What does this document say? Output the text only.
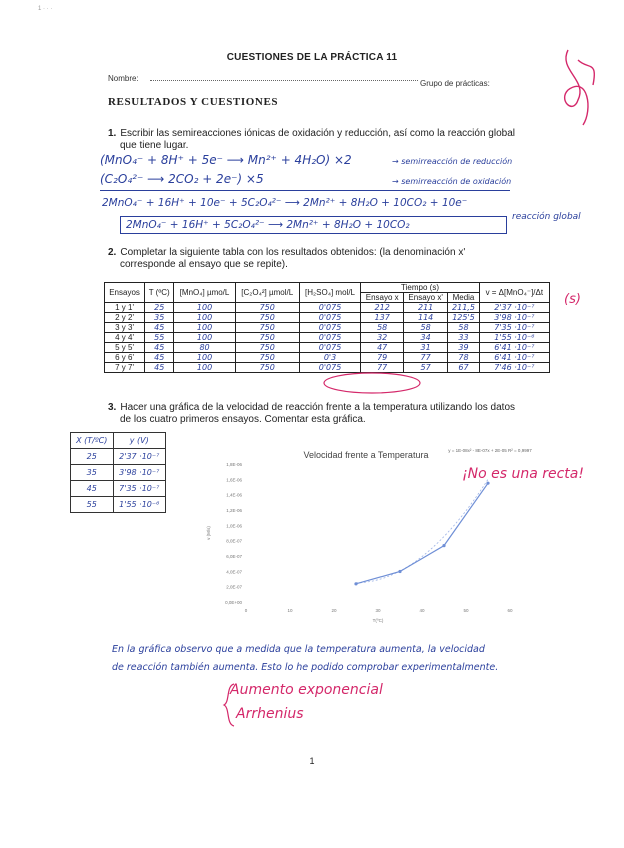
1 · · ·
CUESTIONES DE LA PRÁCTICA 11
Nombre:
Grupo de prácticas:
RESULTADOS Y CUESTIONES
1. Escribir las semireacciones iónicas de oxidación y reducción, así como la reacción global
que tiene lugar.
(MnO₄⁻ + 8H⁺ + 5e⁻ ⟶ Mn²⁺ + 4H₂O) ×2	→ semirreacción de reducción
(C₂O₄²⁻ ⟶ 2CO₂ + 2e⁻) ×5	→ semirreacción de oxidación
2MnO₄⁻ + 16H⁺ + 10e⁻ + 5C₂O₄²⁻ ⟶ 2Mn²⁺ + 8H₂O + 10CO₂ + 10e⁻
2MnO₄⁻ + 16H⁺ + 5C₂O₄²⁻ ⟶ 2Mn²⁺ + 8H₂O + 10CO₂
reacción global
2. Completar la siguiente tabla con los resultados obtenidos: (la denominación x'
corresponde al ensayo que se repite).
Ensayos	T (ºC)	[MnO₄] µmo/L	[C₂O₄²] µmol/L	[H₂SO₄] mol/L	Tiempo (s)			v = Δ[MnO₄⁻]/Δt
					Ensayo x	Ensayo x'	Media	
1 y 1'	25	100	750	0'075	212	211	211,5	2'37 ·10⁻⁷
2 y 2'	35	100	750	0'075	137	114	125'5	3'98 ·10⁻⁷
3 y 3'	45	100	750	0'075	58	58	58	7'35 ·10⁻⁷
4 y 4'	55	100	750	0'075	32	34	33	1'55 ·10⁻⁶
5 y 5'	45	80	750	0'075	47	31	39	6'41 ·10⁻⁷
6 y 6'	45	100	750	0'3	79	77	78	6'41 ·10⁻⁷
7 y 7'	45	100	750	0'075	77	57	67	7'46 ·10⁻⁷
(s)
3. Hacer una gráfica de la velocidad de reacción frente a la temperatura utilizando los datos
de los cuatro primeros ensayos. Comentar esta gráfica.
X (T/ºC)	y (V)
25	2'37 ·10⁻⁷
35	3'98 ·10⁻⁷
45	7'35 ·10⁻⁷
55	1'55 ·10⁻⁶
Velocidad frente a Temperatura	y = 1E-08x² - 8E-07x + 2E-05 R² = 0,9997
0,0E+00
2,0E-07
4,0E-07
6,0E-07
8,0E-07
1,0E-06
1,2E-06
1,4E-06
1,6E-06
1,8E-06
0	10	20	30	40	50	60
v (M/s)
T(ºC)
¡No es una recta!
En la gráfica observo que a medida que la temperatura aumenta, la velocidad
de reacción también aumenta. Esto lo he podido comprobar experimentalmente.
Aumento exponencial
Arrhenius
1
